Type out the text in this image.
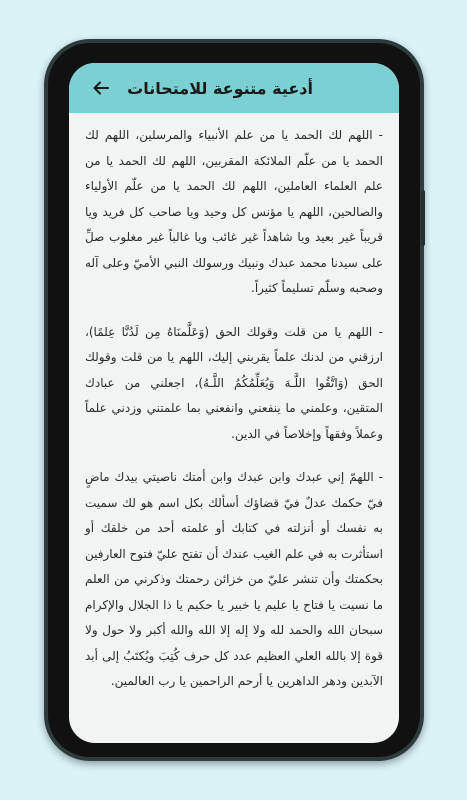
أدعية متنوعة للامتحانات

- اللهم لك الحمد يا من علم الأنبياء والمرسلين، اللهم لك الحمد يا من علّم الملائكة المقربين، اللهم لك الحمد يا من علم العلماء العاملين، اللهم لك الحمد يا من علّم الأولياء والصالحين، اللهم يا مؤنس كل وحيد ويا صاحب كل فريد ويا قريباً غير بعيد ويا شاهداً غير غائب ويا غالباً غير مغلوب صلِّ على سيدنا محمد عبدك ونبيك ورسولك النبي الأميّ وعلى آله وصحبه وسلّم تسليماً كثيراً.

- اللهم يا من قلت وقولك الحق (وَعَلَّمنَاهُ مِن لَدُنَّا عِلمًا)، ارزقني من لدنك علماً يقربني إليك، اللهم يا من قلت وقولك الحق (وَاتَّقُوا اللَّـهَ وَيُعَلِّمُكُمُ اللَّـهُ)، اجعلني من عبادك المتقين، وعلمني ما ينفعني وانفعني بما علمتني وزدني علماً وعملاً وفقهاً وإخلاصاً في الدين.

- اللهمّ إني عبدك وابن عبدك وابن أمتك ناصيتي بيدك ماضٍ فيّ حكمك عدلٌ فيّ قضاؤك أسألك بكل اسم هو لك سميت به نفسك أو أنزلته في كتابك أو علمته أحد من خلقك أو استأثرت به في علم الغيب عندك أن تفتح عليّ فتوح العارفين بحكمتك وأن تنشر عليّ من خزائن رحمتك وذكرني من العلم ما نسيت يا فتاح يا عليم يا خبير يا حكيم يا ذا الجلال والإكرام سبحان الله والحمد لله ولا إله إلا الله والله أكبر ولا حول ولا قوة إلا بالله العلي العظيم عدد كل حرف كُتِبَ ويُكتَبُ إلى أبد الآبدين ودهر الداهرين يا أرحم الراحمين يا رب العالمين.
